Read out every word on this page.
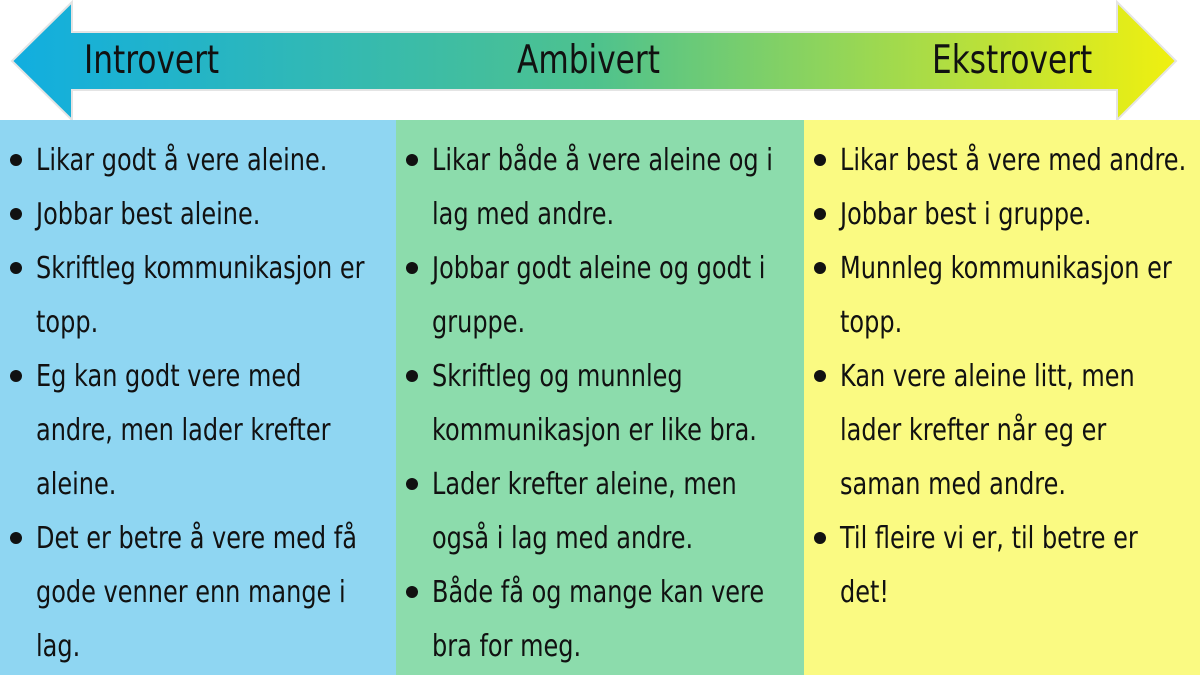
Introvert	Ambivert	Ekstrovert
Likar godt å vere aleine.
Jobbar best aleine.
Skriftleg kommunikasjon er topp.
Eg kan godt vere med andre, men lader krefter aleine.
Det er betre å vere med få gode venner enn mange i lag.
Likar både å vere aleine og i lag med andre.
Jobbar godt aleine og godt i gruppe.
Skriftleg og munnleg kommunikasjon er like bra.
Lader krefter aleine, men også i lag med andre.
Både få og mange kan vere bra for meg.
Likar best å vere med andre.
Jobbar best i gruppe.
Munnleg kommunikasjon er topp.
Kan vere aleine litt, men lader krefter når eg er saman med andre.
Til fleire vi er, til betre er det!
